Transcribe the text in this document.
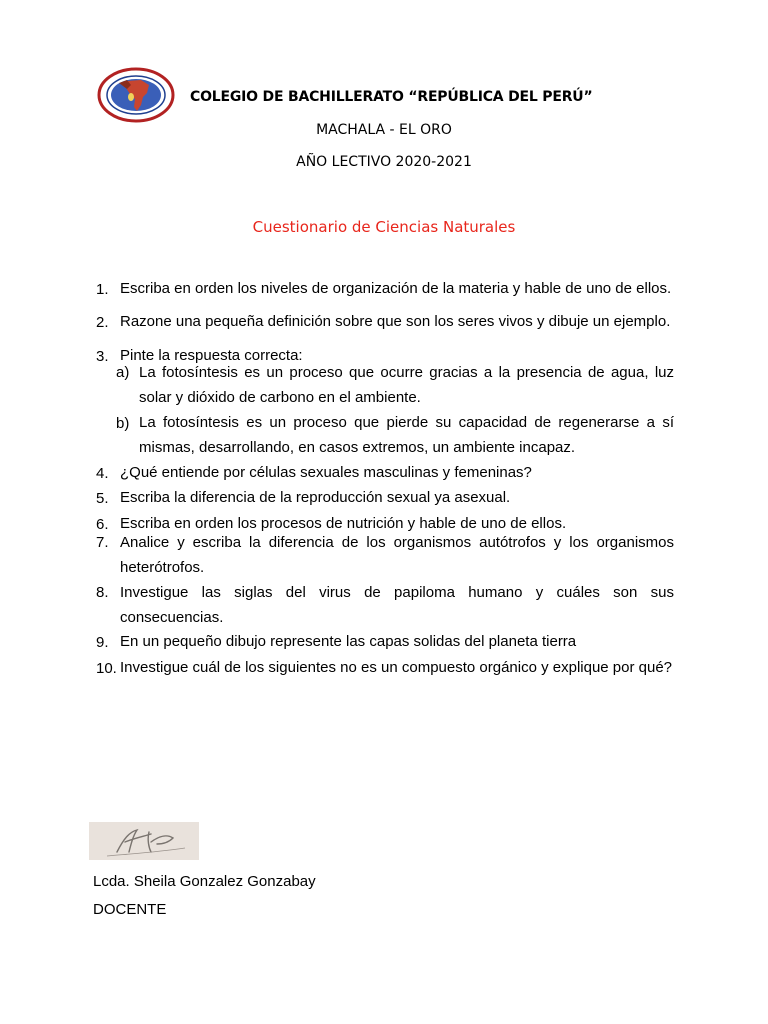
COLEGIO DE BACHILLERATO “REPÚBLICA DEL PERÚ”
MACHALA - EL ORO
AÑO LECTIVO 2020-2021
Cuestionario de Ciencias Naturales
1. Escriba en orden los niveles de organización de la materia y hable de uno de ellos.
2. Razone una pequeña definición sobre que son los seres vivos y dibuje un ejemplo.
3. Pinte la respuesta correcta:
a) La fotosíntesis es un proceso que ocurre gracias a la presencia de agua, luz solar y dióxido de carbono en el ambiente.
b) La fotosíntesis es un proceso que pierde su capacidad de regenerarse a sí mismas, desarrollando, en casos extremos, un ambiente incapaz.
4. ¿Qué entiende por células sexuales masculinas y femeninas?
5. Escriba la diferencia de la reproducción sexual ya asexual.
6. Escriba en orden los procesos de nutrición y hable de uno de ellos.
7. Analice y escriba la diferencia de los organismos autótrofos y los organismos heterótrofos.
8. Investigue las siglas del virus de papiloma humano y cuáles son sus consecuencias.
9. En un pequeño dibujo represente las capas solidas del planeta tierra
10. Investigue cuál de los siguientes no es un compuesto orgánico y explique por qué?
Lcda. Sheila Gonzalez Gonzabay
DOCENTE
